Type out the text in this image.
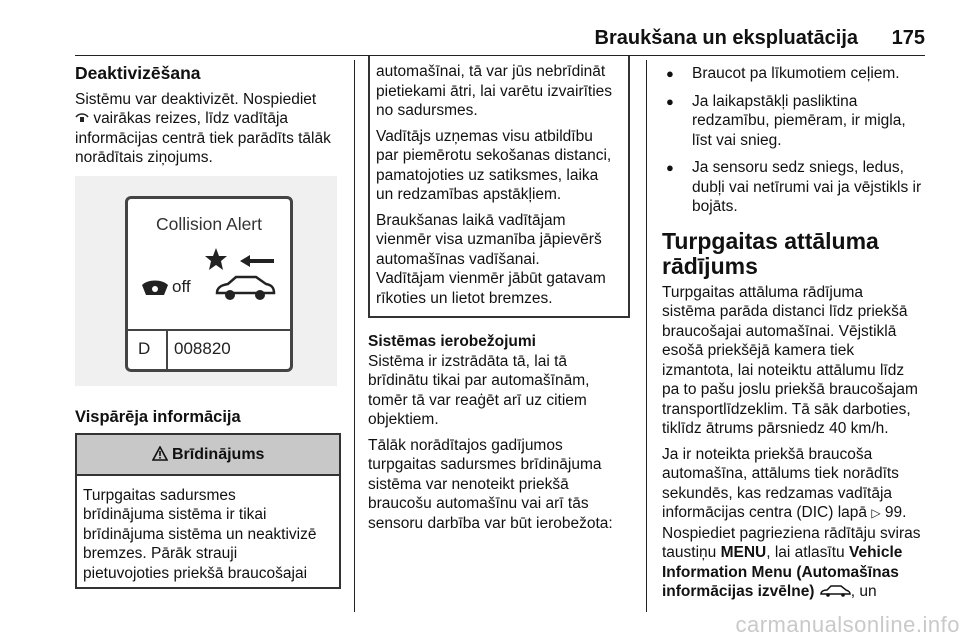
Braukšana un ekspluatācija 175
Deaktivizēšana

Sistēmu var deaktivizēt. Nospiediet
vairākas reizes, līdz vadītāja
informācijas centrā tiek parādīts tālāk
norādītais ziņojums.

Collision Alert
off
D 008820
Vispārēja informācija
Brīdinājums

Turpgaitas sadursmes
brīdinājuma sistēma ir tikai
brīdinājuma sistēma un neaktivizē
bremzes. Pārāk strauji
pietuvojoties priekšā braucošajai

automašīnai, tā var jūs nebrīdināt
pietiekami ātri, lai varētu izvairīties
no sadursmes.

Vadītājs uzņemas visu atbildību
par piemērotu sekošanas distanci,
pamatojoties uz satiksmes, laika
un redzamības apstākļiem.

Braukšanas laikā vadītājam
vienmēr visa uzmanība jāpievērš
automašīnas vadīšanai.
Vadītājam vienmēr jābūt gatavam
rīkoties un lietot bremzes.

Sistēmas ierobežojumi

Sistēma ir izstrādāta tā, lai tā
brīdinātu tikai par automašīnām,
tomēr tā var reaģēt arī uz citiem
objektiem.

Tālāk norādītajos gadījumos
turpgaitas sadursmes brīdinājuma
sistēma var nenoteikt priekšā
braucošu automašīnu vai arī tās
sensoru darbība var būt ierobežota:

● Braucot pa līkumotiem ceļiem.
● Ja laikapstākļi pasliktina
redzamību, piemēram, ir migla,
līst vai snieg.
● Ja sensoru sedz sniegs, ledus,
dubļi vai netīrumi vai ja vējstikls ir
bojāts.
Turpgaitas attāluma
rādījums

Turpgaitas attāluma rādījuma
sistēma parāda distanci līdz priekšā
braucošajai automašīnai. Vējstiklā
esošā priekšējā kamera tiek
izmantota, lai noteiktu attālumu līdz
pa to pašu joslu priekšā braucošajam
transportlīdzeklim. Tā sāk darboties,
tiklīdz ātrums pārsniedz 40 km/h.

Ja ir noteikta priekšā braucoša
automašīna, attālums tiek norādīts
sekundēs, kas redzamas vadītāja
informācijas centra (DIC) lapā ▷ 99.
Nospiediet pagrieziena rādītāju sviras
taustiņu MENU, lai atlasītu Vehicle
Information Menu (Automašīnas
informācijas izvēlne) , un

carmanualsonline.info
